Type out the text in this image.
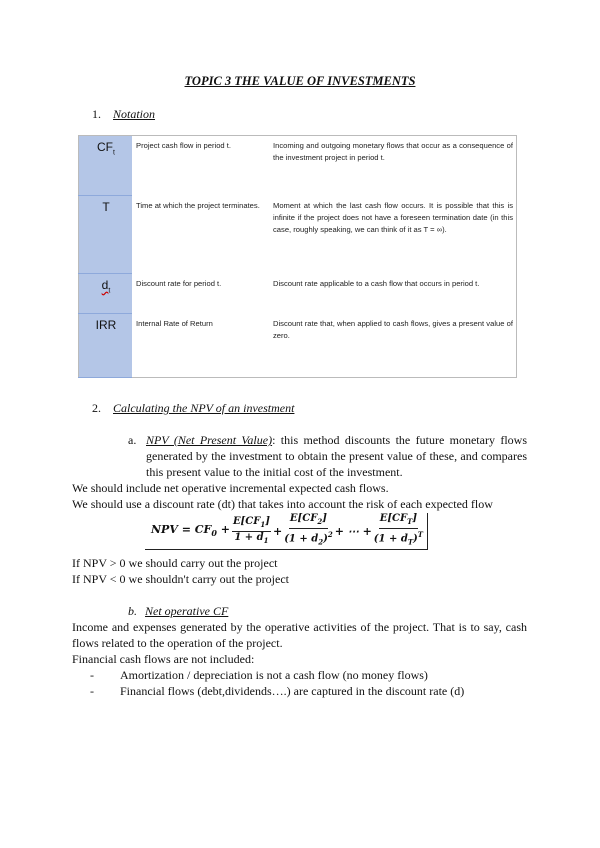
TOPIC 3 THE VALUE OF INVESTMENTS
1. Notation
$CF_t$	Project cash flow in period t.	Incoming and outgoing monetary flows that occur as a consequence of the investment project in period t.
T	Time at which the project terminates.	Moment at which the last cash flow occurs. It is possible that this is infinite if the project does not have a foreseen termination date (in this case, roughly speaking, we can think of it as T = ∞).
$d_t$	Discount rate for period t.	Discount rate applicable to a cash flow that occurs in period t.
IRR	Internal Rate of Return	Discount rate that, when applied to cash flows, gives a present value of zero.
2. Calculating the NPV of an investment
a. NPV (Net Present Value): this method discounts the future monetary flows generated by the investment to obtain the present value of these, and compares this present value to the initial cost of the investment.
We should include net operative incremental expected cash flows.
We should use a discount rate (dt) that takes into account the risk of each expected flow
NPV = $CF_0 + \frac{E[CF_1]}{1 + d_1} + \frac{E[CF_2]}{(1 + d_2)^2}$ + ⋯ + $\frac{E[CF_T]}{(1 + d_T)^T}$
If NPV > 0 we should carry out the project
If NPV < 0 we shouldn't carry out the project
b. Net operative CF
Income and expenses generated by the operative activities of the project. That is to say, cash flows related to the operation of the project.
Financial cash flows are not included:
- Amortization / depreciation is not a cash flow (no money flows)
- Financial flows (debt,dividends….) are captured in the discount rate (d)
